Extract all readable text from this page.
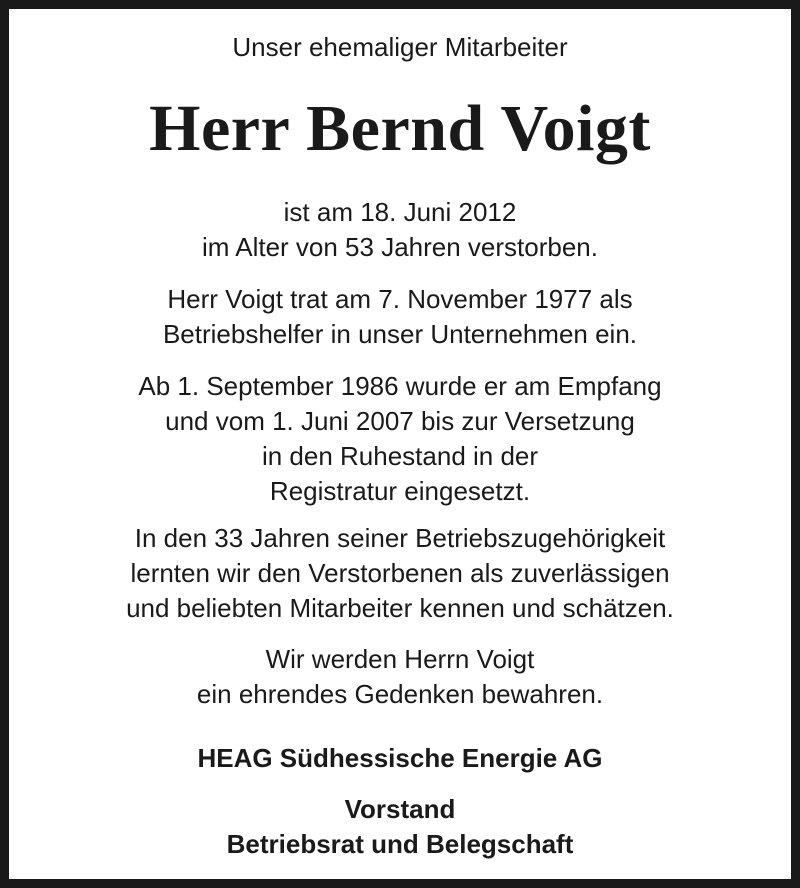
Unser ehemaliger Mitarbeiter
Herr Bernd Voigt
ist am 18. Juni 2012
im Alter von 53 Jahren verstorben.
Herr Voigt trat am 7. November 1977 als
Betriebshelfer in unser Unternehmen ein.
Ab 1. September 1986 wurde er am Empfang
und vom 1. Juni 2007 bis zur Versetzung
in den Ruhestand in der
Registratur eingesetzt.
In den 33 Jahren seiner Betriebszugehörigkeit
lernten wir den Verstorbenen als zuverlässigen
und beliebten Mitarbeiter kennen und schätzen.
Wir werden Herrn Voigt
ein ehrendes Gedenken bewahren.
HEAG Südhessische Energie AG
Vorstand
Betriebsrat und Belegschaft
